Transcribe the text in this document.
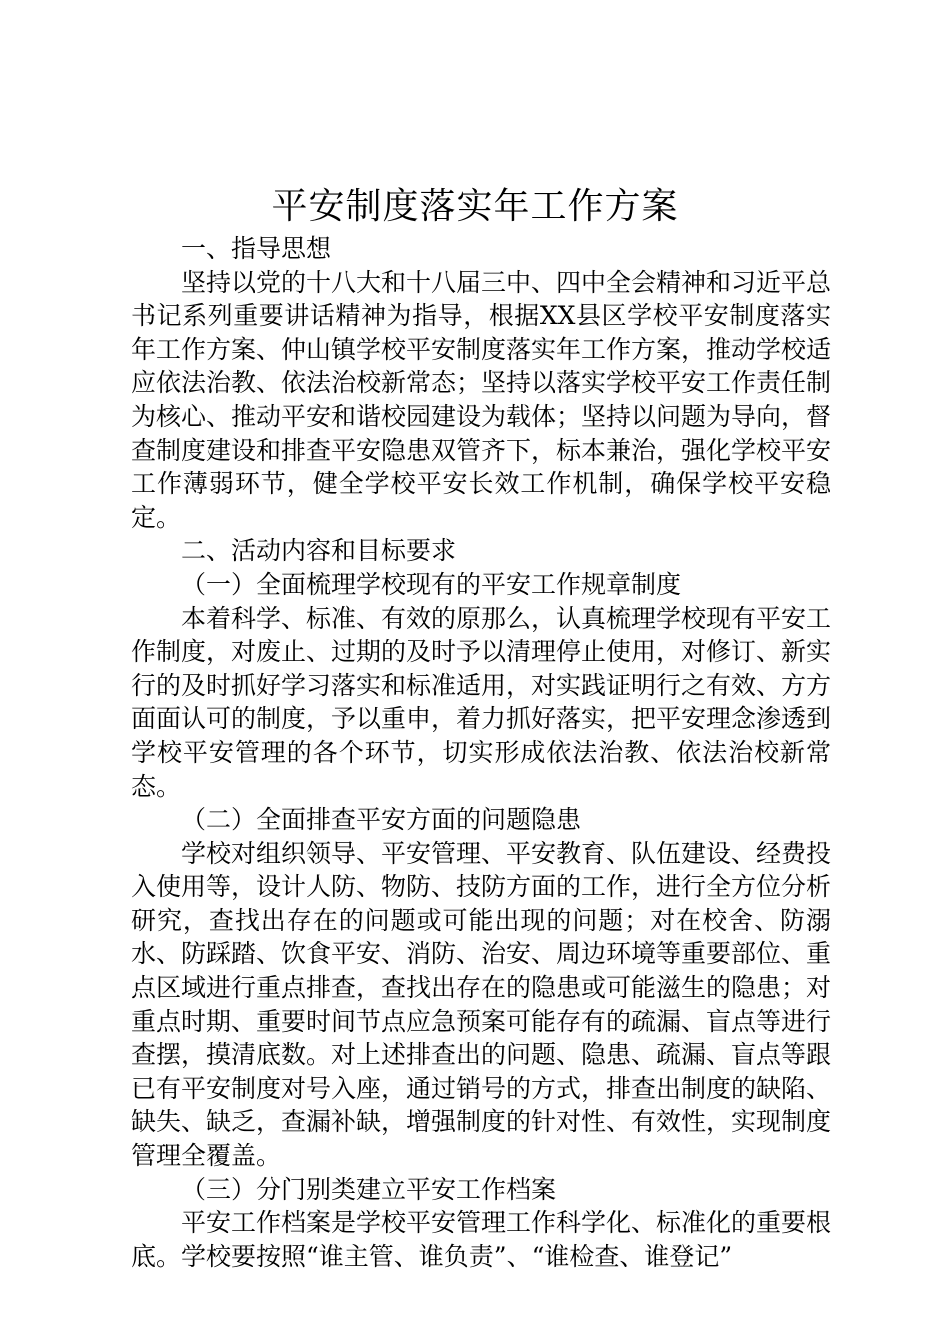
平安制度落实年工作方案

一、指导思想

坚持以党的十八大和十八届三中、四中全会精神和习近平总书记系列重要讲话精神为指导，根据XX县区学校平安制度落实年工作方案、仲山镇学校平安制度落实年工作方案，推动学校适应依法治教、依法治校新常态；坚持以落实学校平安工作责任制为核心、推动平安和谐校园建设为载体；坚持以问题为导向，督查制度建设和排查平安隐患双管齐下，标本兼治，强化学校平安工作薄弱环节，健全学校平安长效工作机制，确保学校平安稳定。

二、活动内容和目标要求

（一）全面梳理学校现有的平安工作规章制度

本着科学、标准、有效的原那么，认真梳理学校现有平安工作制度，对废止、过期的及时予以清理停止使用，对修订、新实行的及时抓好学习落实和标准适用，对实践证明行之有效、方方面面认可的制度，予以重申，着力抓好落实，把平安理念渗透到学校平安管理的各个环节，切实形成依法治教、依法治校新常态。

（二）全面排查平安方面的问题隐患

学校对组织领导、平安管理、平安教育、队伍建设、经费投入使用等，设计人防、物防、技防方面的工作，进行全方位分析研究，查找出存在的问题或可能出现的问题；对在校舍、防溺水、防踩踏、饮食平安、消防、治安、周边环境等重要部位、重点区域进行重点排查，查找出存在的隐患或可能滋生的隐患；对重点时期、重要时间节点应急预案可能存有的疏漏、盲点等进行查摆，摸清底数。对上述排查出的问题、隐患、疏漏、盲点等跟已有平安制度对号入座，通过销号的方式，排查出制度的缺陷、缺失、缺乏，查漏补缺，增强制度的针对性、有效性，实现制度管理全覆盖。

（三）分门别类建立平安工作档案

平安工作档案是学校平安管理工作科学化、标准化的重要根底。学校要按照“谁主管、谁负责”、“谁检查、谁登记”
